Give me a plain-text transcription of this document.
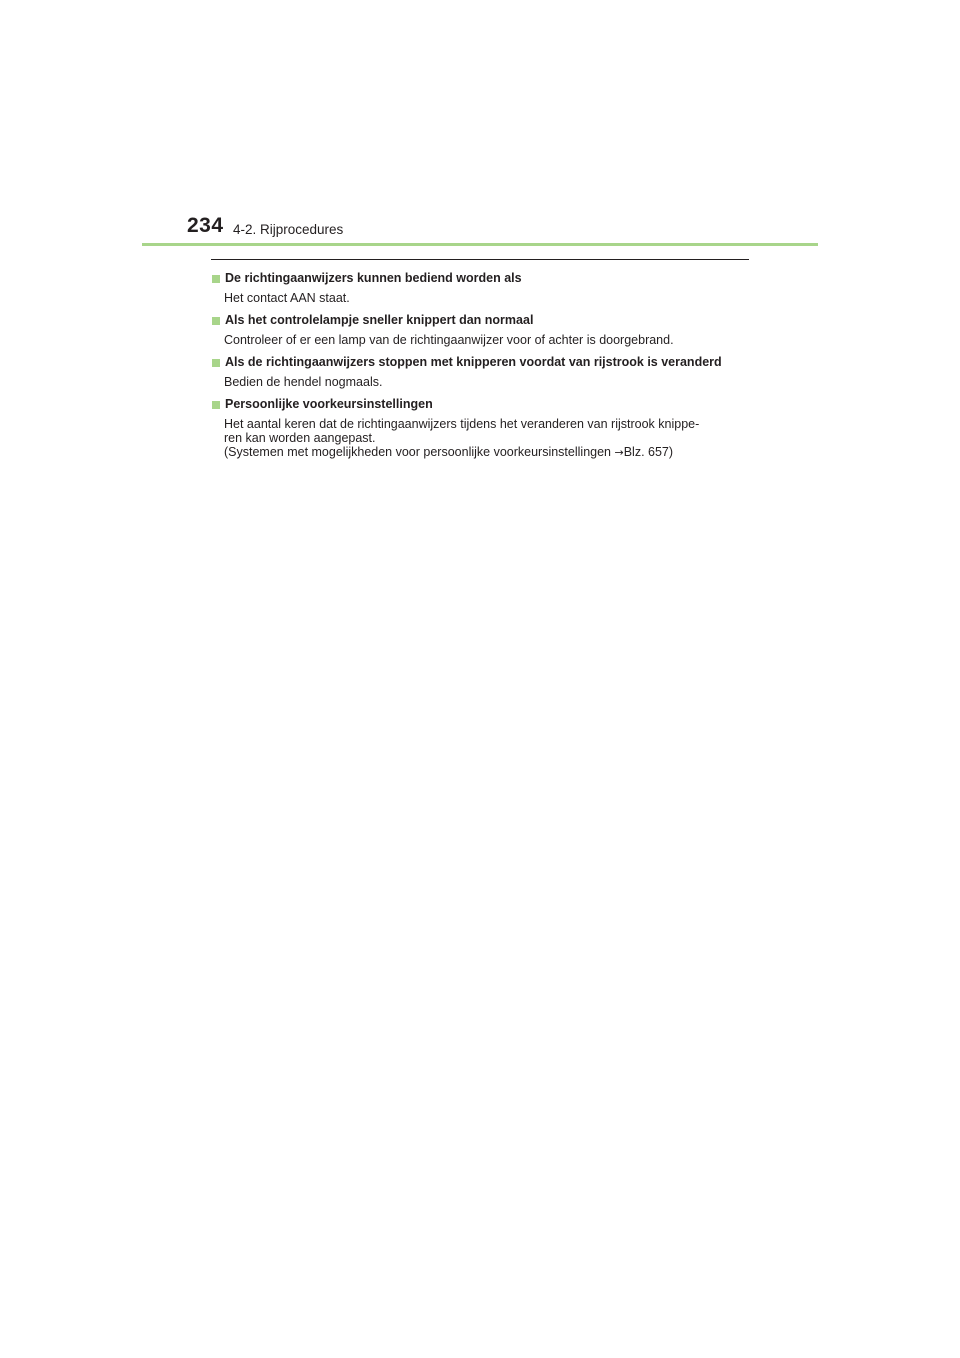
234 4-2. Rijprocedures
De richtingaanwijzers kunnen bediend worden als

Het contact AAN staat.

Als het controlelampje sneller knippert dan normaal

Controleer of er een lamp van de richtingaanwijzer voor of achter is doorgebrand.

Als de richtingaanwijzers stoppen met knipperen voordat van rijstrook is veranderd

Bedien de hendel nogmaals.

Persoonlijke voorkeursinstellingen

Het aantal keren dat de richtingaanwijzers tijdens het veranderen van rijstrook knippe-
ren kan worden aangepast.
(Systemen met mogelijkheden voor persoonlijke voorkeursinstellingen →Blz. 657)
